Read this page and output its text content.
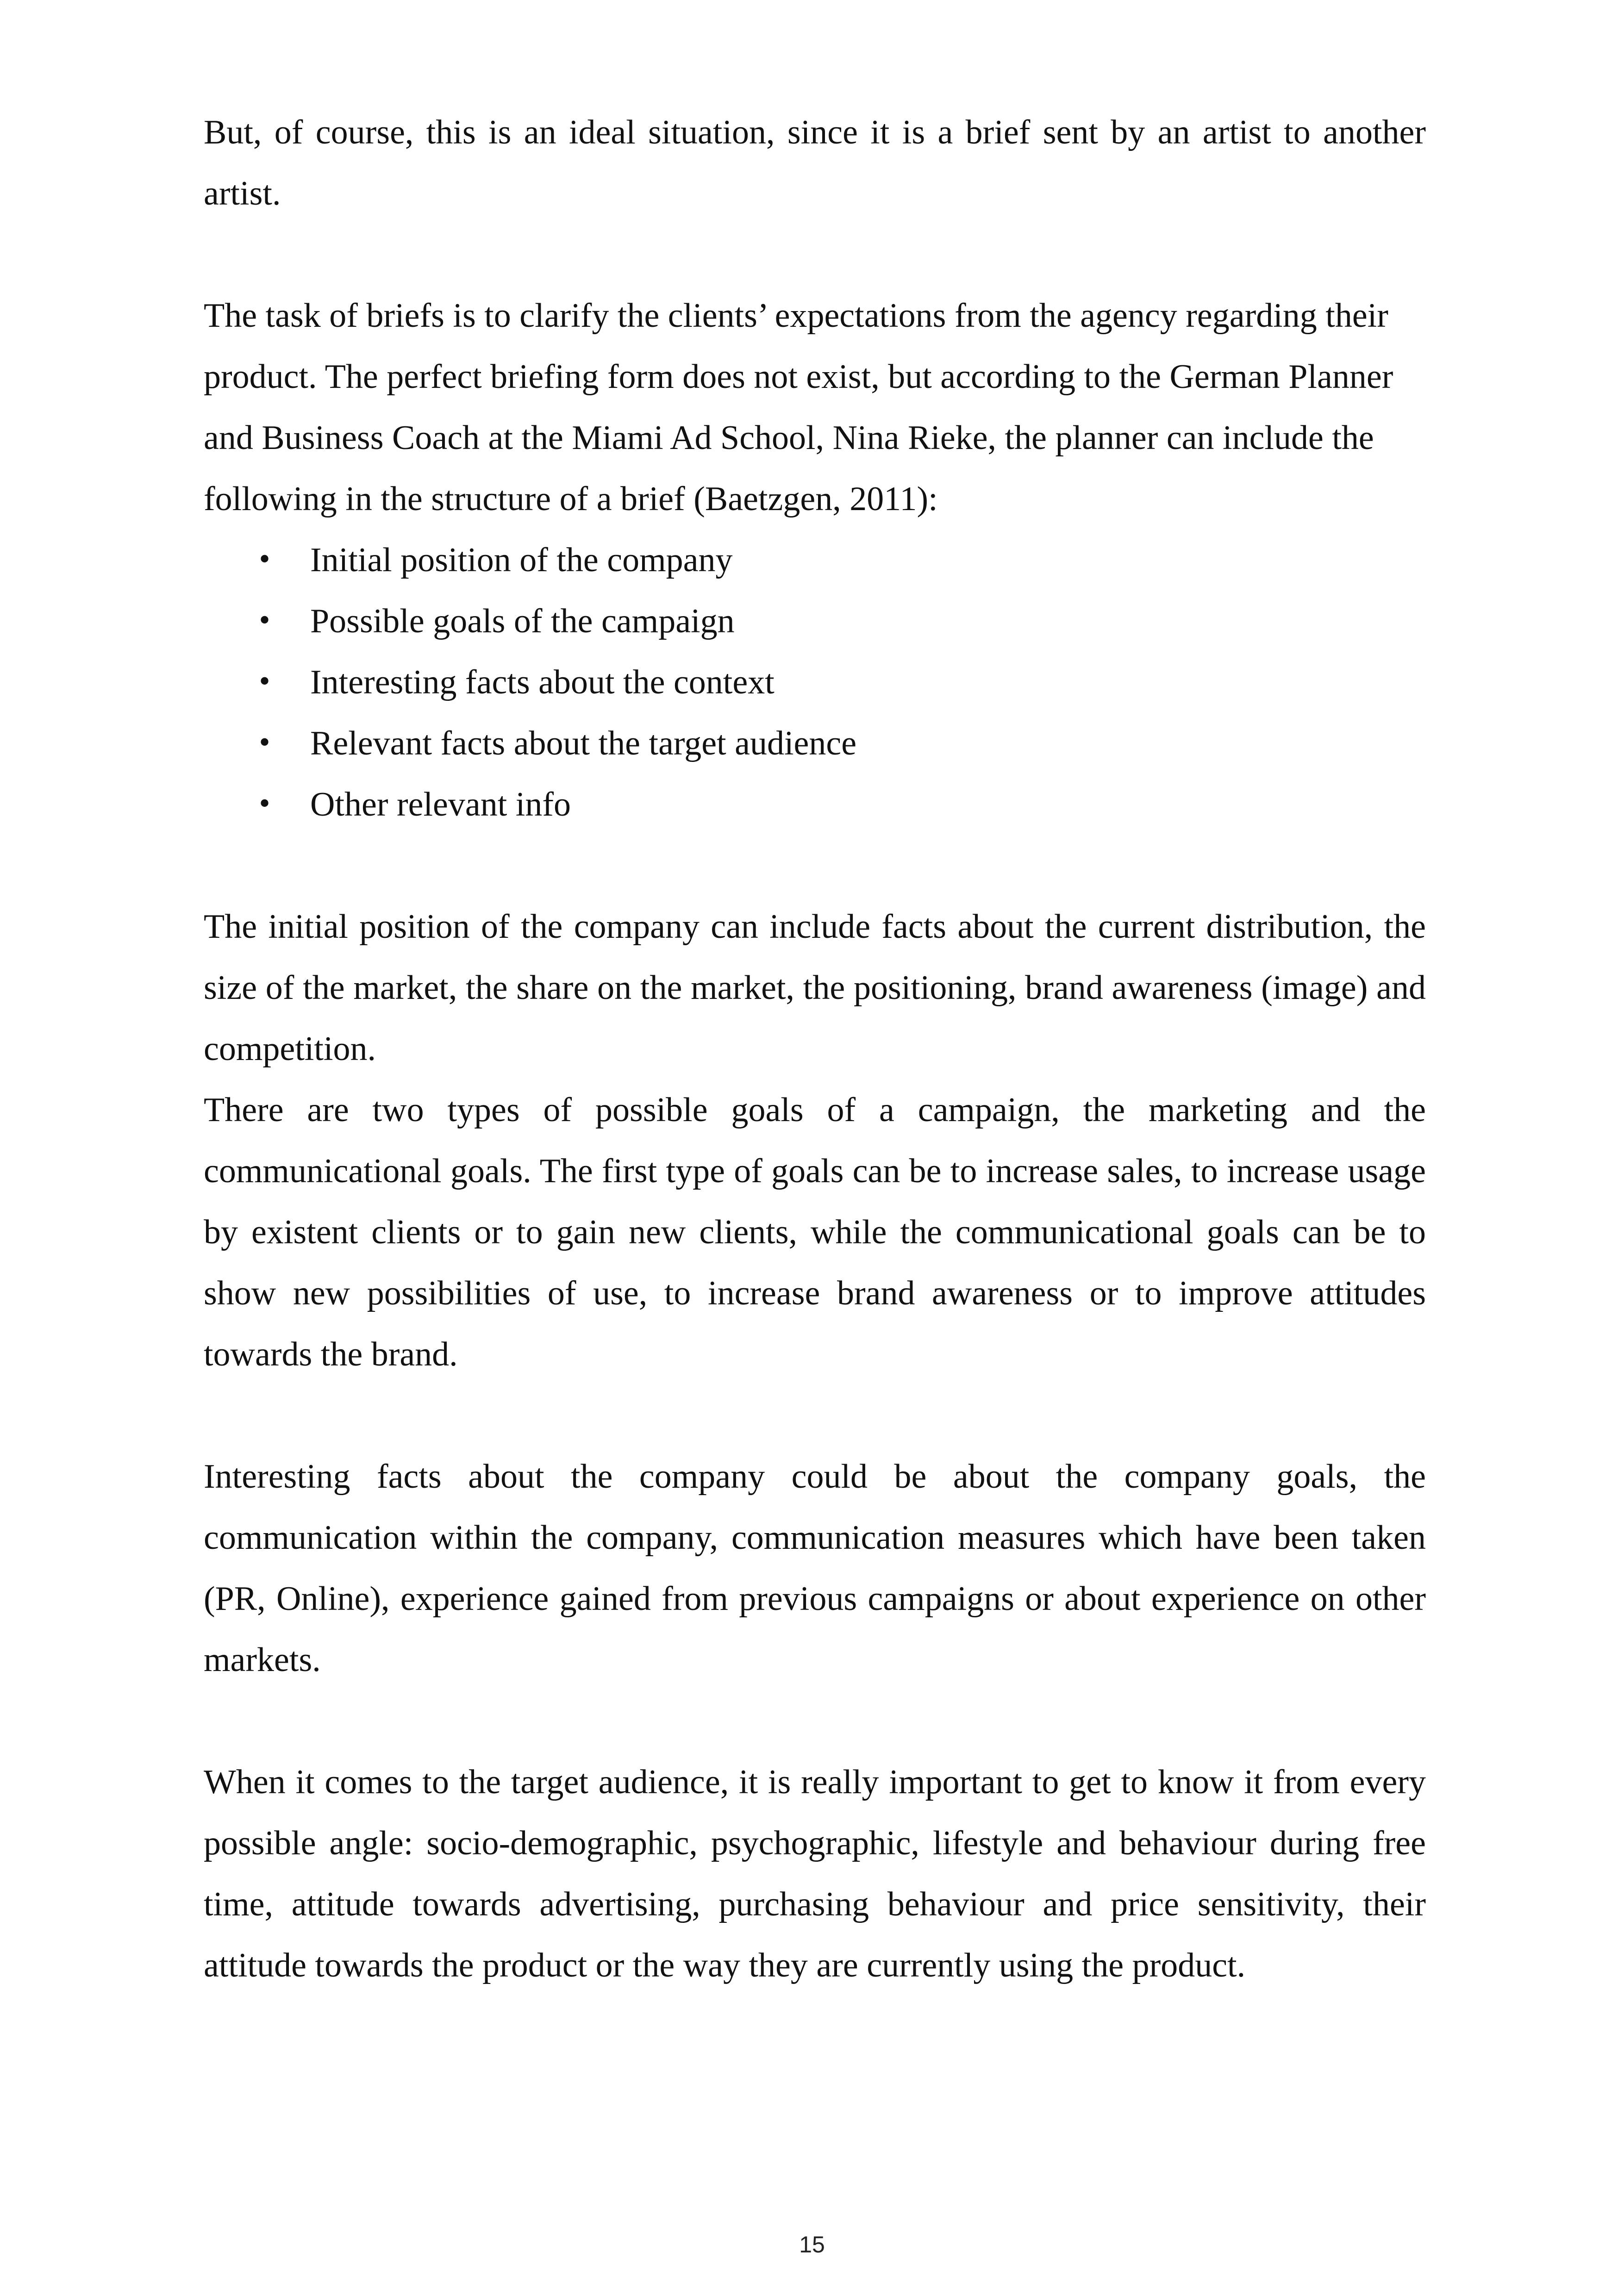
But, of course, this is an ideal situation, since it is a brief sent by an artist to another artist.

The task of briefs is to clarify the clients’ expectations from the agency regarding their product. The perfect briefing form does not exist, but according to the German Planner and Business Coach at the Miami Ad School, Nina Rieke, the planner can include the following in the structure of a brief (Baetzgen, 2011):

• Initial position of the company
• Possible goals of the campaign
• Interesting facts about the context
• Relevant facts about the target audience
• Other relevant info

The initial position of the company can include facts about the current distribution, the size of the market, the share on the market, the positioning, brand awareness (image) and competition.

There are two types of possible goals of a campaign, the marketing and the communicational goals. The first type of goals can be to increase sales, to increase usage by existent clients or to gain new clients, while the communicational goals can be to show new possibilities of use, to increase brand awareness or to improve attitudes towards the brand.

Interesting facts about the company could be about the company goals, the communication within the company, communication measures which have been taken (PR, Online), experience gained from previous campaigns or about experience on other markets.

When it comes to the target audience, it is really important to get to know it from every possible angle: socio-demographic, psychographic, lifestyle and behaviour during free time, attitude towards advertising, purchasing behaviour and price sensitivity, their attitude towards the product or the way they are currently using the product.

15
